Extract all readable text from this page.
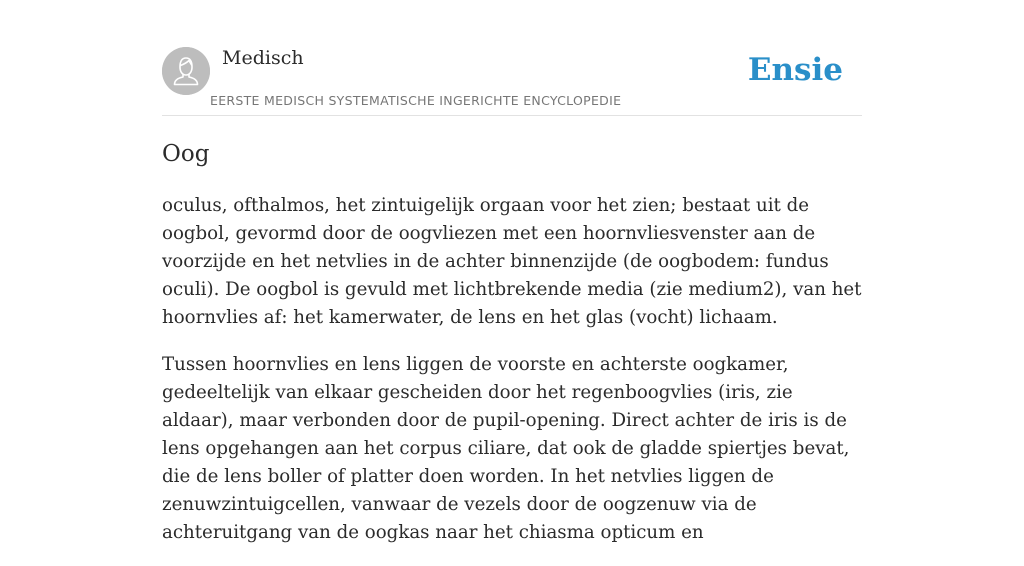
Medisch
EERSTE MEDISCH SYSTEMATISCHE INGERICHTE ENCYCLOPEDIE
Ensie
Oog

oculus, ofthalmos, het zintuigelijk orgaan voor het zien; bestaat uit de oogbol, gevormd door de oogvliezen met een hoornvliesvenster aan de voorzijde en het netvlies in de achter binnenzijde (de oogbodem: fundus oculi). De oogbol is gevuld met lichtbrekende media (zie medium2), van het hoornvlies af: het kamerwater, de lens en het glas (vocht) lichaam.

Tussen hoornvlies en lens liggen de voorste en achterste oogkamer, gedeeltelijk van elkaar gescheiden door het regenboogvlies (iris, zie aldaar), maar verbonden door de pupil-opening. Direct achter de iris is de lens opgehangen aan het corpus ciliare, dat ook de gladde spiertjes bevat, die de lens boller of platter doen worden. In het netvlies liggen de zenuwzintuigcellen, vanwaar de vezels door de oogzenuw via de achteruitgang van de oogkas naar het chiasma opticum en
